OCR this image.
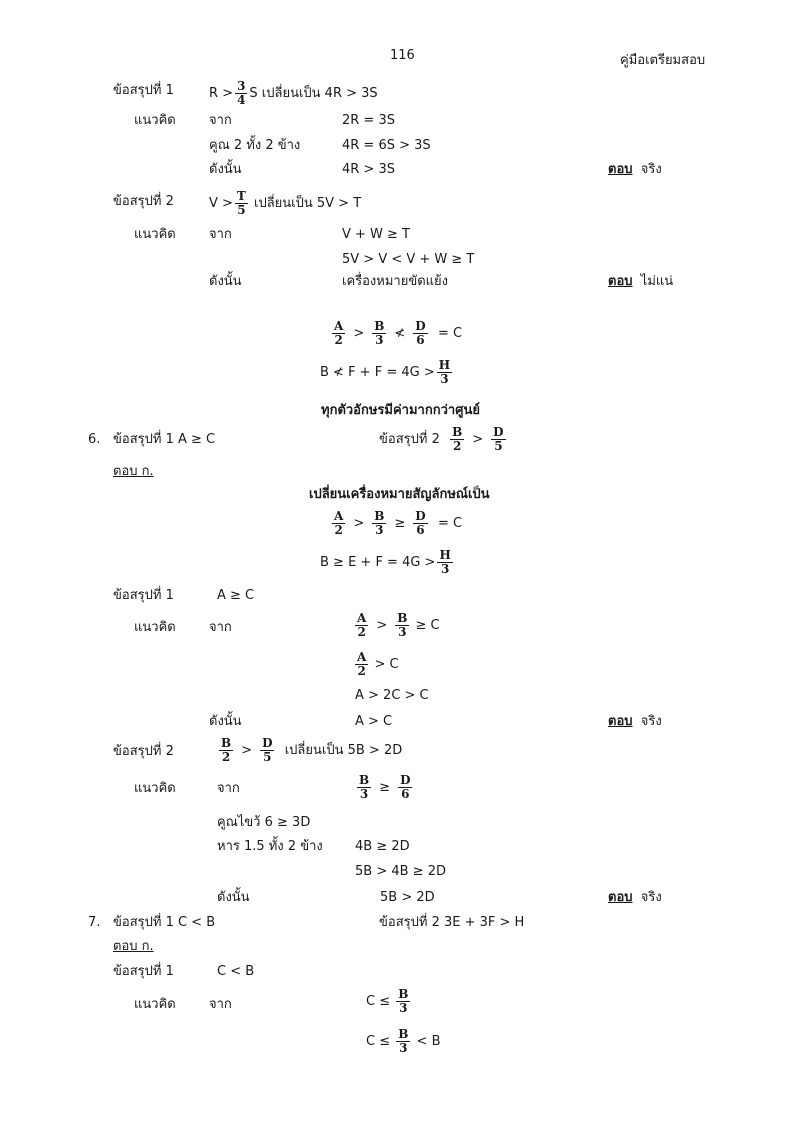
116	คู่มือเตรียมสอบ
ข้อสรุปที่ 1	$R > \frac{3}{4}$ S เปลี่ยนเป็น 4R > 3S
แนวคิด	จาก	2R = 3S
คูณ 2 ทั้ง 2 ข้าง	4R = 6S > 3S
ดังนั้น	4R > 3S	ตอบ จริง
ข้อสรุปที่ 2	$V > \frac{T}{5}$ เปลี่ยนเป็น 5V > T
แนวคิด	จาก	V + W ≥ T
5V > V < V + W ≥ T
ดังนั้น	เครื่องหมายขัดแย้ง	ตอบ ไม่แน่
$\frac{A}{2} > \frac{B}{3}$ ≮ $\frac{D}{6} = C$
B ≮ $F + F = 4G > \frac{H}{3}$
ทุกตัวอักษรมีค่ามากกว่าศูนย์
6. ข้อสรุปที่ 1 A ≥ C	ข้อสรุปที่ $2 \frac{B}{2} > \frac{D}{5}$
ตอบ ก.
เปลี่ยนเครื่องหมายสัญลักษณ์เป็น
$\frac{A}{2} > \frac{B}{3} \ge \frac{D}{6} = C$
$B \ge E + F = 4G > \frac{H}{3}$
ข้อสรุปที่ 1	A ≥ C
แนวคิด	จาก	$\frac{A}{2} > \frac{B}{3} \ge C$
$\frac{A}{2} > C$
A > 2C > C
ดังนั้น	A > C	ตอบ จริง
ข้อสรุปที่ 2	$\frac{B}{2} > \frac{D}{5}$ เปลี่ยนเป็น 5B > 2D
แนวคิด	จาก	$\frac{B}{3} \ge \frac{D}{6}$
คูณไขว้ 6 ≥ 3D
หาร 1.5 ทั้ง 2 ข้าง 4B ≥ 2D
5B > 4B ≥ 2D
ดังนั้น	5B > 2D	ตอบ จริง
7. ข้อสรุปที่ 1 C < B	ข้อสรุปที่ 2 3E + 3F > H
ตอบ ก.
ข้อสรุปที่ 1	C < B
แนวคิด	จาก	$C \le \frac{B}{3}$
$C \le \frac{B}{3} < B$
